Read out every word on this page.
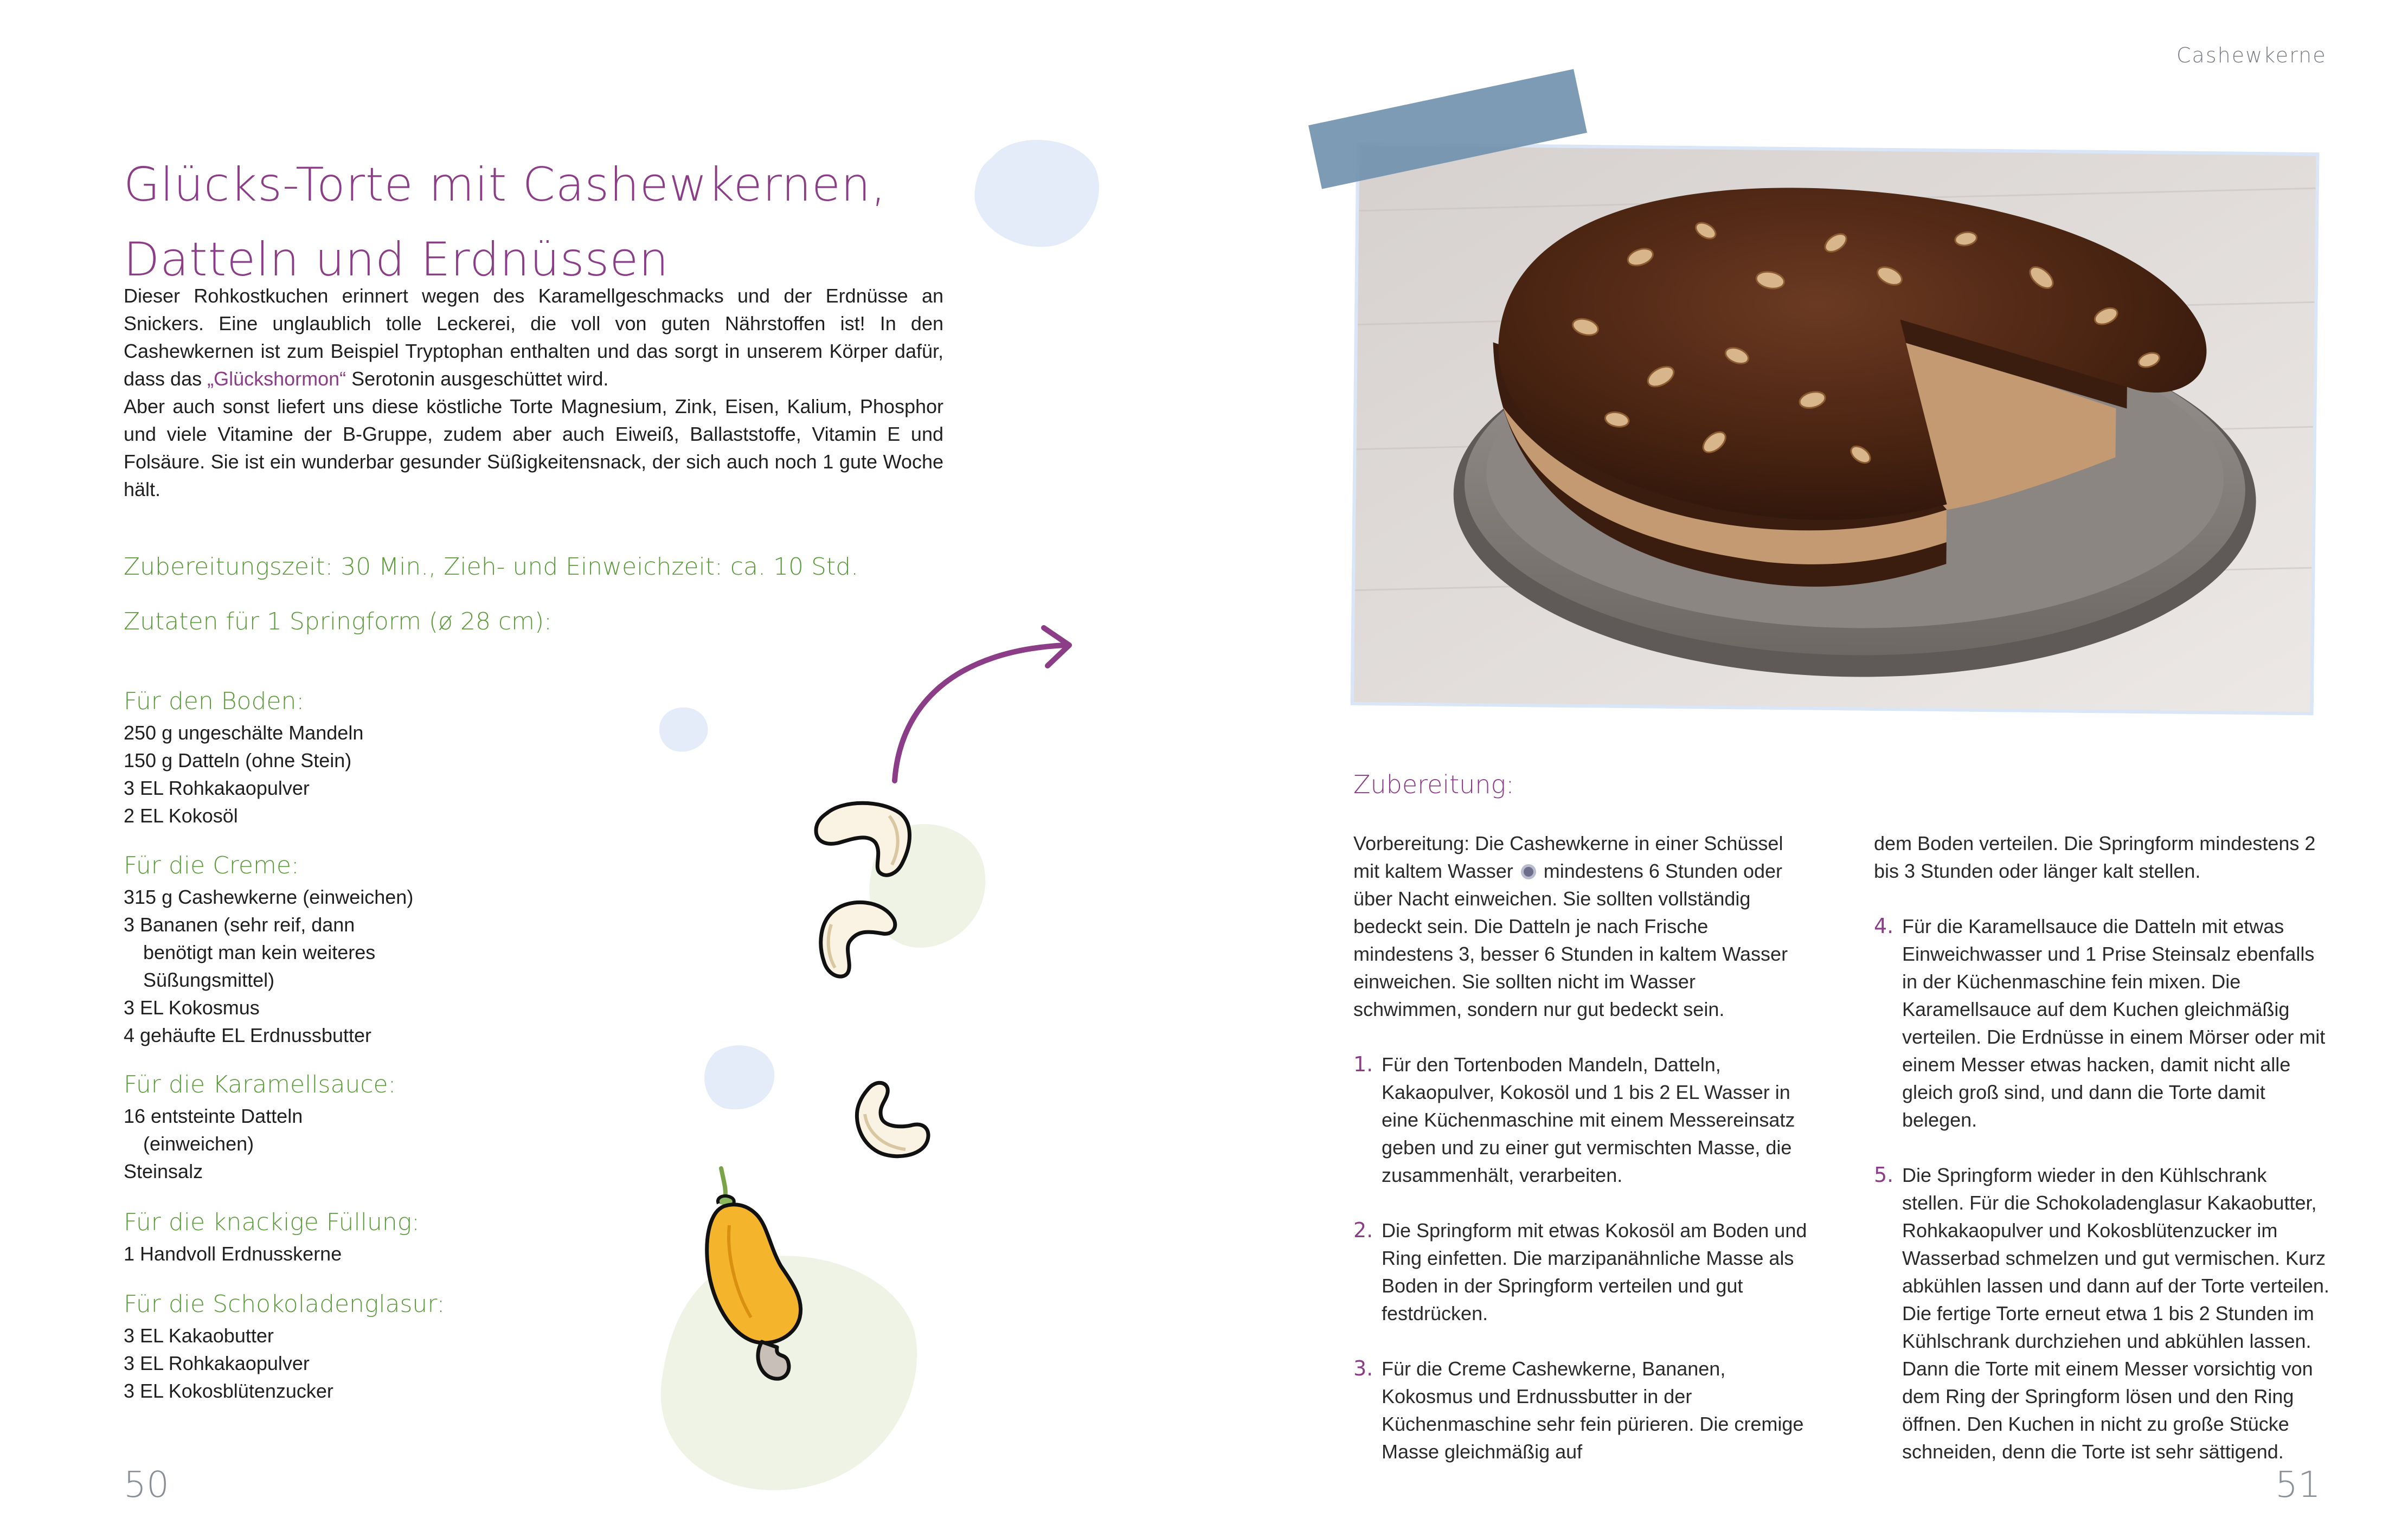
Glücks-Torte mit Cashewkernen,
Datteln und Erdnüssen

Dieser Rohkostkuchen erinnert wegen des Karamellgeschmacks und der Erdnüsse an Snickers. Eine unglaublich tolle Leckerei, die voll von guten Nährstoffen ist! In den Cashewkernen ist zum Beispiel Tryptophan enthalten und das sorgt in unserem Körper dafür, dass das „Glückshormon“ Serotonin ausgeschüttet wird.

Aber auch sonst liefert uns diese köstliche Torte Magnesium, Zink, Eisen, Kalium, Phosphor und viele Vitamine der B-Gruppe, zudem aber auch Eiweiß, Ballaststoffe, Vitamin E und Folsäure. Sie ist ein wunderbar gesunder Süßigkeitensnack, der sich auch noch 1 gute Woche hält.

Zubereitungszeit: 30 Min., Zieh- und Einweichzeit: ca. 10 Std.
Zutaten für 1 Springform (ø 28 cm):
Für den Boden:
250 g ungeschälte Mandeln
150 g Datteln (ohne Stein)
3 EL Rohkakaopulver
2 EL Kokosöl
Für die Creme:
315 g Cashewkerne (einweichen)
3 Bananen (sehr reif, dann
benötigt man kein weiteres
Süßungsmittel)
3 EL Kokosmus
4 gehäufte EL Erdnussbutter
Für die Karamellsauce:
16 entsteinte Datteln
(einweichen)
Steinsalz
Für die knackige Füllung:
1 Handvoll Erdnusskerne
Für die Schokoladenglasur:
3 EL Kakaobutter
3 EL Rohkakaopulver
3 EL Kokosblütenzucker
50
Cashewkerne
Zubereitung:

Vorbereitung: Die Cashewkerne in einer Schüssel mit kaltem Wasser mindestens 6 Stunden oder über Nacht einweichen. Sie sollten vollständig bedeckt sein. Die Datteln je nach Frische mindestens 3, besser 6 Stunden in kaltem Wasser einweichen. Sie sollten nicht im Wasser schwimmen, sondern nur gut bedeckt sein.

1. Für den Tortenboden Mandeln, Datteln, Kakaopulver, Kokosöl und 1 bis 2 EL Wasser in eine Küchenmaschine mit einem Messereinsatz geben und zu einer gut vermischten Masse, die zusammenhält, verarbeiten.
2. Die Springform mit etwas Kokosöl am Boden und Ring einfetten. Die marzipanähnliche Masse als Boden in der Springform verteilen und gut festdrücken.
3. Für die Creme Cashewkerne, Bananen, Kokosmus und Erdnussbutter in der Küchenmaschine sehr fein pürieren. Die cremige Masse gleichmäßig auf

dem Boden verteilen. Die Springform mindestens 2 bis 3 Stunden oder länger kalt stellen.

4. Für die Karamellsauce die Datteln mit etwas Einweichwasser und 1 Prise Steinsalz ebenfalls in der Küchenmaschine fein mixen. Die Karamellsauce auf dem Kuchen gleichmäßig verteilen. Die Erdnüsse in einem Mörser oder mit einem Messer etwas hacken, damit nicht alle gleich groß sind, und dann die Torte damit belegen.
5. Die Springform wieder in den Kühlschrank stellen. Für die Schokoladenglasur Kakaobutter, Rohkakaopulver und Kokosblütenzucker im Wasserbad schmelzen und gut vermischen. Kurz abkühlen lassen und dann auf der Torte verteilen. Die fertige Torte erneut etwa 1 bis 2 Stunden im Kühlschrank durchziehen und abkühlen lassen. Dann die Torte mit einem Messer vorsichtig von dem Ring der Springform lösen und den Ring öffnen. Den Kuchen in nicht zu große Stücke schneiden, denn die Torte ist sehr sättigend.
51
